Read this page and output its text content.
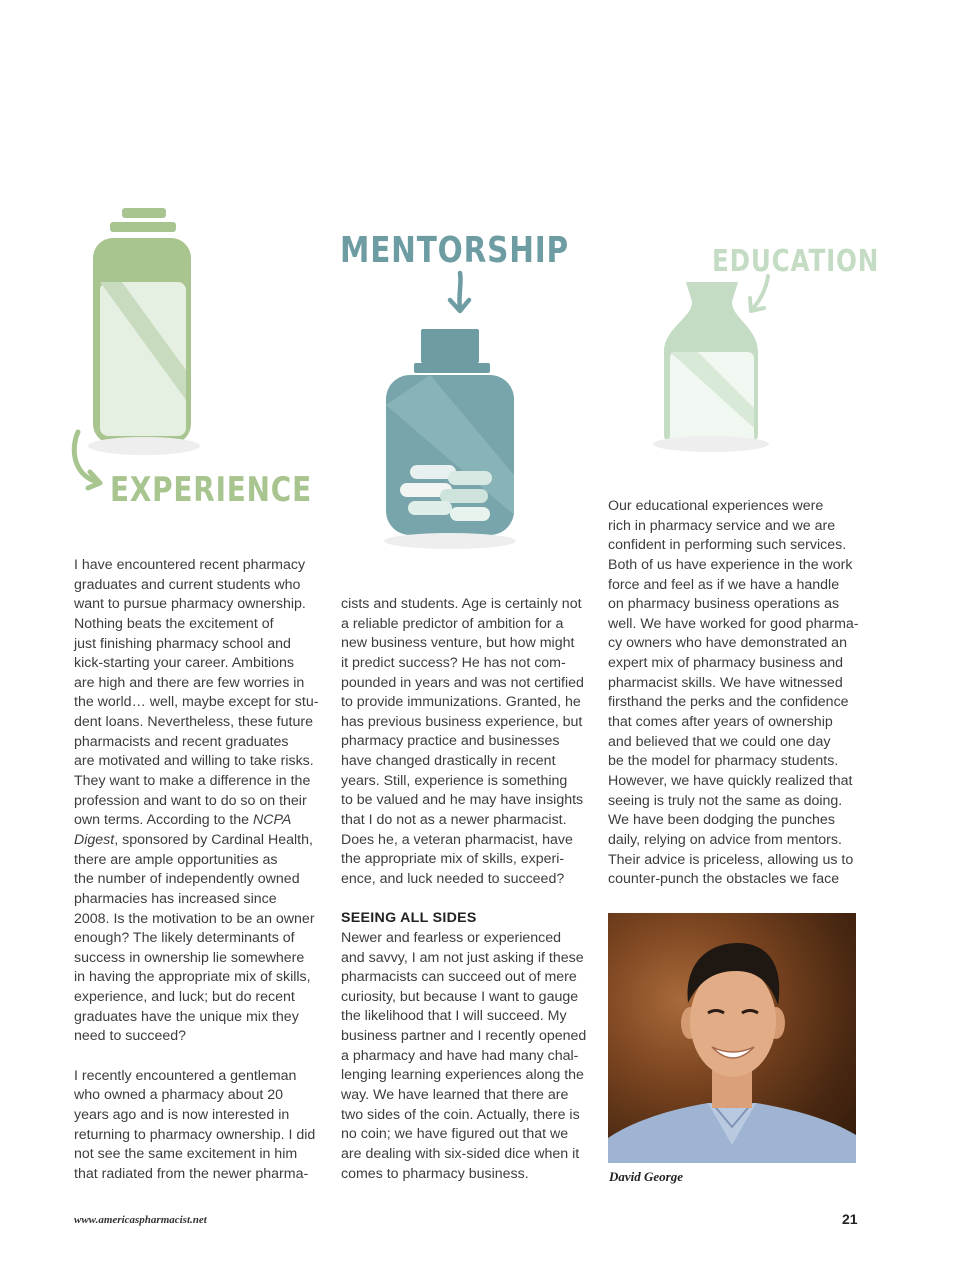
EXPERIENCE
MENTORSHIP	EDUCATION
I have encountered recent pharmacy
graduates and current students who
want to pursue pharmacy ownership.
Nothing beats the excitement of
just finishing pharmacy school and
kick-starting your career. Ambitions
are high and there are few worries in
the world… well, maybe except for stu-
dent loans. Nevertheless, these future
pharmacists and recent graduates
are motivated and willing to take risks.
They want to make a difference in the
profession and want to do so on their
own terms. According to the NCPA
Digest, sponsored by Cardinal Health,
there are ample opportunities as
the number of independently owned
pharmacies has increased since
2008. Is the motivation to be an owner
enough? The likely determinants of
success in ownership lie somewhere
in having the appropriate mix of skills,
experience, and luck; but do recent
graduates have the unique mix they
need to succeed?
I recently encountered a gentleman
who owned a pharmacy about 20
years ago and is now interested in
returning to pharmacy ownership. I did
not see the same excitement in him
that radiated from the newer pharma-
cists and students. Age is certainly not
a reliable predictor of ambition for a
new business venture, but how might
it predict success? He has not com-
pounded in years and was not certified
to provide immunizations. Granted, he
has previous business experience, but
pharmacy practice and businesses
have changed drastically in recent
years. Still, experience is something
to be valued and he may have insights
that I do not as a newer pharmacist.
Does he, a veteran pharmacist, have
the appropriate mix of skills, experi-
ence, and luck needed to succeed?
SEEING ALL SIDES
Newer and fearless or experienced
and savvy, I am not just asking if these
pharmacists can succeed out of mere
curiosity, but because I want to gauge
the likelihood that I will succeed. My
business partner and I recently opened
a pharmacy and have had many chal-
lenging learning experiences along the
way. We have learned that there are
two sides of the coin. Actually, there is
no coin; we have figured out that we
are dealing with six-sided dice when it
comes to pharmacy business.
Our educational experiences were
rich in pharmacy service and we are
confident in performing such services.
Both of us have experience in the work
force and feel as if we have a handle
on pharmacy business operations as
well. We have worked for good pharma-
cy owners who have demonstrated an
expert mix of pharmacy business and
pharmacist skills. We have witnessed
firsthand the perks and the confidence
that comes after years of ownership
and believed that we could one day
be the model for pharmacy students.
However, we have quickly realized that
seeing is truly not the same as doing.
We have been dodging the punches
daily, relying on advice from mentors.
Their advice is priceless, allowing us to
counter-punch the obstacles we face
David George
www.americaspharmacist.net	21
